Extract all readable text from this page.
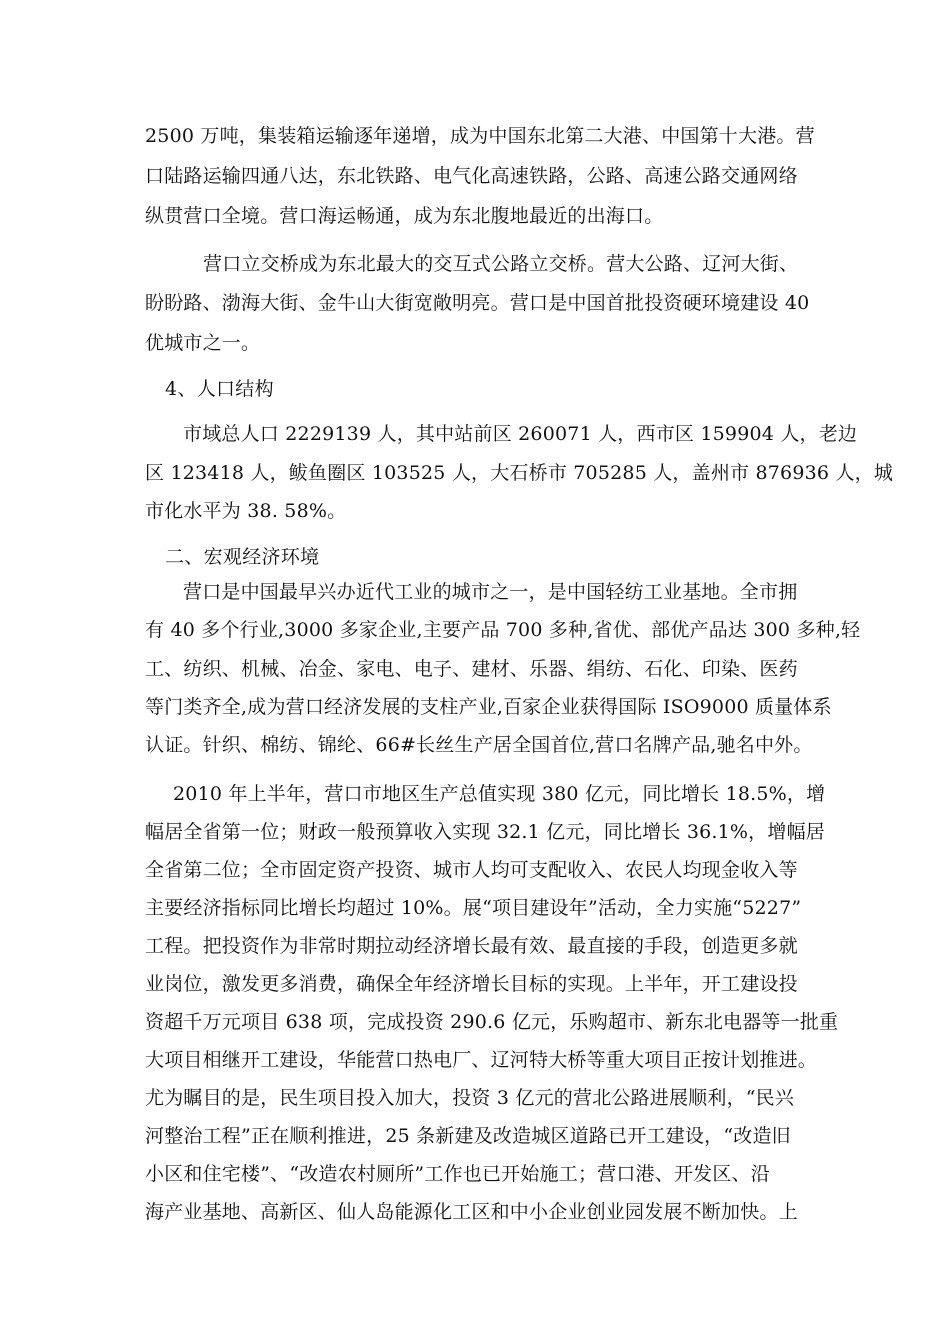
2500 万吨，集装箱运输逐年递增，成为中国东北第二大港、中国第十大港。营
口陆路运输四通八达，东北铁路、电气化高速铁路，公路、高速公路交通网络
纵贯营口全境。营口海运畅通，成为东北腹地最近的出海口。
营口立交桥成为东北最大的交互式公路立交桥。营大公路、辽河大街、
盼盼路、渤海大街、金牛山大街宽敞明亮。营口是中国首批投资硬环境建设 40
优城市之一。
4、人口结构
市域总人口 2229139 人，其中站前区 260071 人，西市区 159904 人，老边
区 123418 人，鲅鱼圈区 103525 人，大石桥市 705285 人，盖州市 876936 人，城
市化水平为 38. 58%。
二、宏观经济环境
营口是中国最早兴办近代工业的城市之一，是中国轻纺工业基地。全市拥
有 40 多个行业,3000 多家企业,主要产品 700 多种,省优、部优产品达 300 多种,轻
工、纺织、机械、冶金、家电、电子、建材、乐器、绢纺、石化、印染、医药
等门类齐全,成为营口经济发展的支柱产业,百家企业获得国际 ISO9000 质量体系
认证。针织、棉纺、锦纶、66#长丝生产居全国首位,营口名牌产品,驰名中外。
2010 年上半年，营口市地区生产总值实现 380 亿元，同比增长 18.5%，增
幅居全省第一位；财政一般预算收入实现 32.1 亿元，同比增长 36.1%，增幅居
全省第二位；全市固定资产投资、城市人均可支配收入、农民人均现金收入等
主要经济指标同比增长均超过 10%。展“项目建设年”活动，全力实施“5227”
工程。把投资作为非常时期拉动经济增长最有效、最直接的手段，创造更多就
业岗位，激发更多消费，确保全年经济增长目标的实现。上半年，开工建设投
资超千万元项目 638 项，完成投资 290.6 亿元，乐购超市、新东北电器等一批重
大项目相继开工建设，华能营口热电厂、辽河特大桥等重大项目正按计划推进。
尤为瞩目的是，民生项目投入加大，投资 3 亿元的营北公路进展顺利，“民兴
河整治工程”正在顺利推进，25 条新建及改造城区道路已开工建设，“改造旧
小区和住宅楼”、“改造农村厕所”工作也已开始施工；营口港、开发区、沿
海产业基地、高新区、仙人岛能源化工区和中小企业创业园发展不断加快。上
